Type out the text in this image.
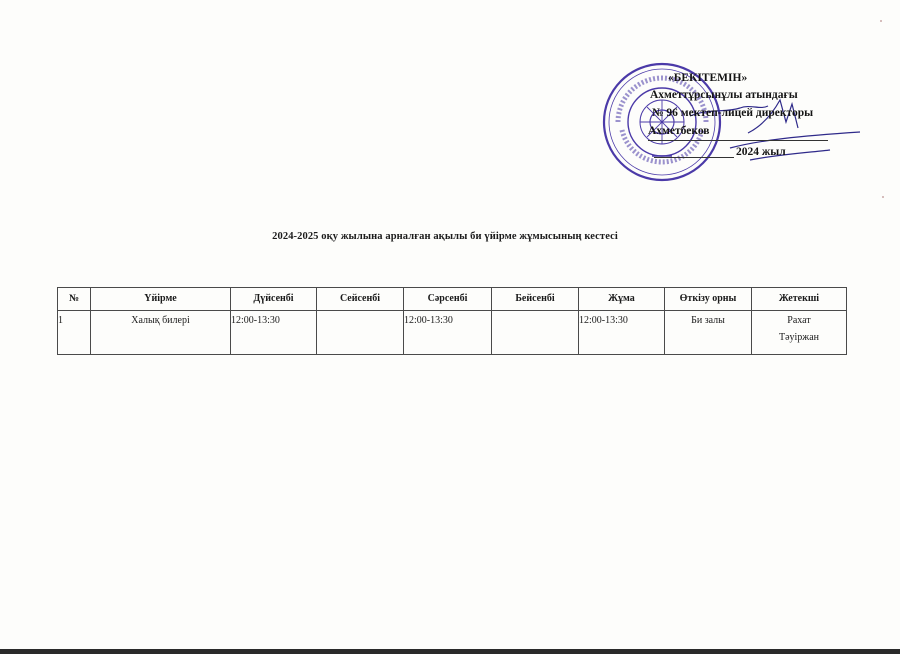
«БЕКІТЕМІН»
Ахметтұрсынұлы атындағы
№ 96 мектеп-лицей директоры
Ахметбеков
2024 жыл
2024-2025 оқу жылына арналған ақылы би үйірме жұмысының кестесі
№	Үйірме	Дүйсенбі	Сейсенбі	Сәрсенбі	Бейсенбі	Жұма	Өткізу орны	Жетекші
1	Халық билері	12:00-13:30		12:00-13:30		12:00-13:30	Би залы	Рахат
Тәуіржан
